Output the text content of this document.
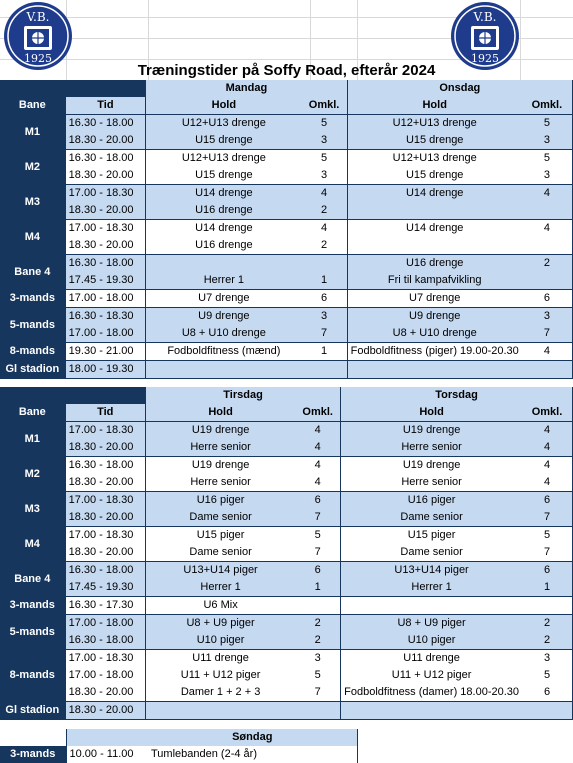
V.B.
1925
V.B.
1925
Træningstider på Soffy Road, efterår 2024
		Mandag		Onsdag	
Bane	Tid	Hold	Omkl.	Hold	Omkl.
M1	16.30 - 18.00	U12+U13 drenge	5	U12+U13 drenge	5
	18.30 - 20.00	U15 drenge	3	U15 drenge	3
M2	16.30 - 18.00	U12+U13 drenge	5	U12+U13 drenge	5
	18.30 - 20.00	U15 drenge	3	U15 drenge	3
M3	17.00 - 18.30	U14 drenge	4	U14 drenge	4
	18.30 - 20.00	U16 drenge	2		
M4	17.00 - 18.30	U14 drenge	4	U14 drenge	4
	18.30 - 20.00	U16 drenge	2		
Bane 4	16.30 - 18.00			U16 drenge	2
	17.45 - 19.30	Herrer 1	1	Fri til kampafvikling	
3-mands	17.00 - 18.00	U7 drenge	6	U7 drenge	6
5-mands	16.30 - 18.30	U9 drenge	3	U9 drenge	3
	17.00 - 18.00	U8 + U10 drenge	7	U8 + U10 drenge	7
8-mands	19.30 - 21.00	Fodboldfitness (mænd)	1	Fodboldfitness (piger) 19.00-20.30	4
Gl stadion	18.00 - 19.30				
		Tirsdag		Torsdag	
Bane	Tid	Hold	Omkl.	Hold	Omkl.
M1	17.00 - 18.30	U19 drenge	4	U19 drenge	4
	18.30 - 20.00	Herre senior	4	Herre senior	4
M2	16.30 - 18.00	U19 drenge	4	U19 drenge	4
	18.30 - 20.00	Herre senior	4	Herre senior	4
M3	17.00 - 18.30	U16 piger	6	U16 piger	6
	18.30 - 20.00	Dame senior	7	Dame senior	7
M4	17.00 - 18.30	U15 piger	5	U15 piger	5
	18.30 - 20.00	Dame senior	7	Dame senior	7
Bane 4	16.30 - 18.00	U13+U14 piger	6	U13+U14 piger	6
	17.45 - 19.30	Herrer 1	1	Herrer 1	1
3-mands	16.30 - 17.30	U6 Mix			
5-mands	17.00 - 18.00	U8 + U9 piger	2	U8 + U9 piger	2
	16.30 - 18.00	U10 piger	2	U10 piger	2
8-mands	17.00 - 18.30	U11 drenge	3	U11 drenge	3
	17.00 - 18.00	U11 + U12 piger	5	U11 + U12 piger	5
	18.30 - 20.00	Damer 1 + 2 + 3	7	Fodboldfitness (damer) 18.00-20.30	6
Gl stadion	18.30 - 20.00				
		Søndag	
3-mands	10.00 - 11.00	Tumlebanden (2-4 år)	
